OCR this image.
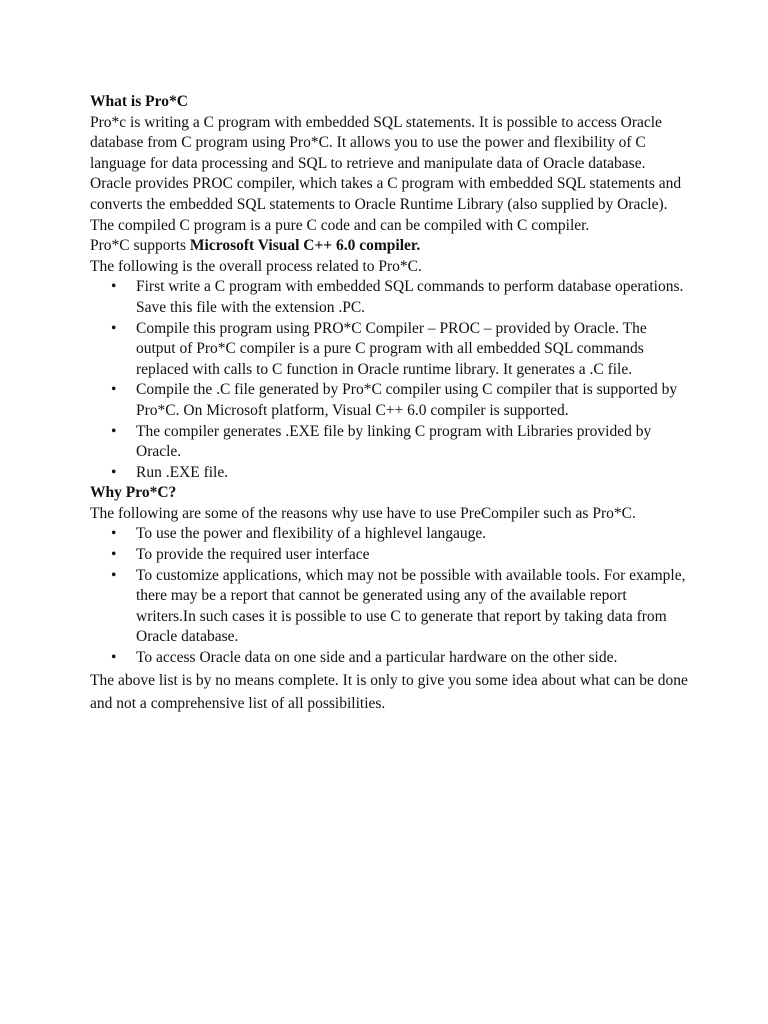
What is Pro*C

Pro*c is writing a C program with embedded SQL statements. It is possible to access Oracle database from C program using Pro*C. It allows you to use the power and flexibility of C language for data processing and SQL to retrieve and manipulate data of Oracle database.

Oracle provides PROC compiler, which takes a C program with embedded SQL statements and converts the embedded SQL statements to Oracle Runtime Library (also supplied by Oracle).

The compiled C program is a pure C code and can be compiled with C compiler.

Pro*C supports Microsoft Visual C++ 6.0 compiler.

The following is the overall process related to Pro*C.

• First write a C program with embedded SQL commands to perform database operations. Save this file with the extension .PC.
• Compile this program using PRO*C Compiler – PROC – provided by Oracle. The output of Pro*C compiler is a pure C program with all embedded SQL commands replaced with calls to C function in Oracle runtime library. It generates a .C file.
• Compile the .C file generated by Pro*C compiler using C compiler that is supported by Pro*C. On Microsoft platform, Visual C++ 6.0 compiler is supported.
• The compiler generates .EXE file by linking C program with Libraries provided by Oracle.
• Run .EXE file.

Why Pro*C?

The following are some of the reasons why use have to use PreCompiler such as Pro*C.

• To use the power and flexibility of a highlevel langauge.
• To provide the required user interface
• To customize applications, which may not be possible with available tools. For example, there may be a report that cannot be generated using any of the available report writers.In such cases it is possible to use C to generate that report by taking data from Oracle database.
• To access Oracle data on one side and a particular hardware on the other side.

The above list is by no means complete. It is only to give you some idea about what can be done and not a comprehensive list of all possibilities.
